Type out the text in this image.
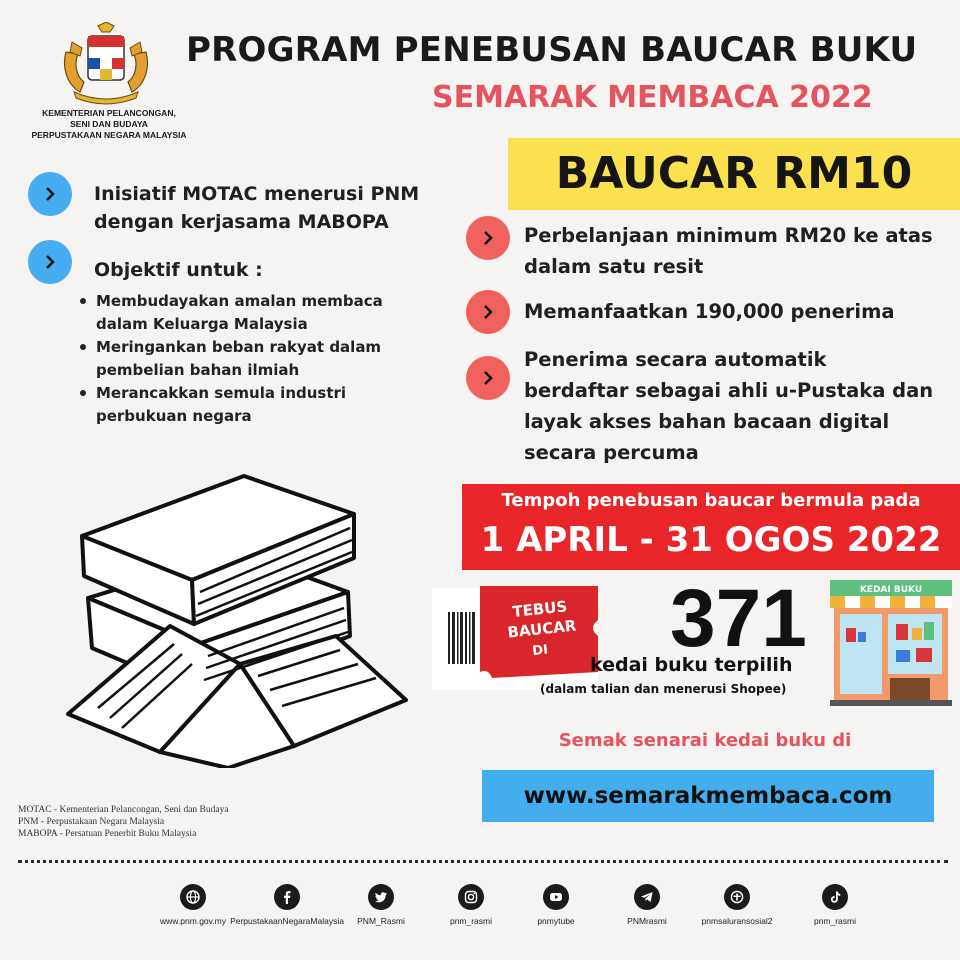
KEMENTERIAN PELANCONGAN,
SENI DAN BUDAYA
PERPUSTAKAAN NEGARA MALAYSIA
PROGRAM PENEBUSAN BAUCAR BUKU
SEMARAK MEMBACA 2022
BAUCAR RM10
Inisiatif MOTAC menerusi PNM
dengan kerjasama MABOPA
Objektif untuk :
Membudayakan amalan membaca
dalam Keluarga Malaysia
Meringankan beban rakyat dalam
pembelian bahan ilmiah
Merancakkan semula industri
perbukuan negara
Perbelanjaan minimum RM20 ke atas
dalam satu resit
Memanfaatkan 190,000 penerima
Penerima secara automatik
berdaftar sebagai ahli u-Pustaka dan
layak akses bahan bacaan digital
secara percuma
Tempoh penebusan baucar bermula pada
1 APRIL - 31 OGOS 2022
TEBUS
BAUCAR
DI 371
kedai buku terpilih
(dalam talian dan menerusi Shopee)
KEDAI BUKU
Semak senarai kedai buku di
www.semarakmembaca.com
MOTAC - Kementerian Pelancongan, Seni dan Budaya
PNM - Perpustakaan Negara Malaysia
MABOPA - Persatuan Penerbit Buku Malaysia
www.pnm.gov.my PerpustakaanNegaraMalaysia PNM_Rasmi	pnm_rasmi	pnmytube	PNMrasmi	pnmsaluransosial2	pnm_rasmi
